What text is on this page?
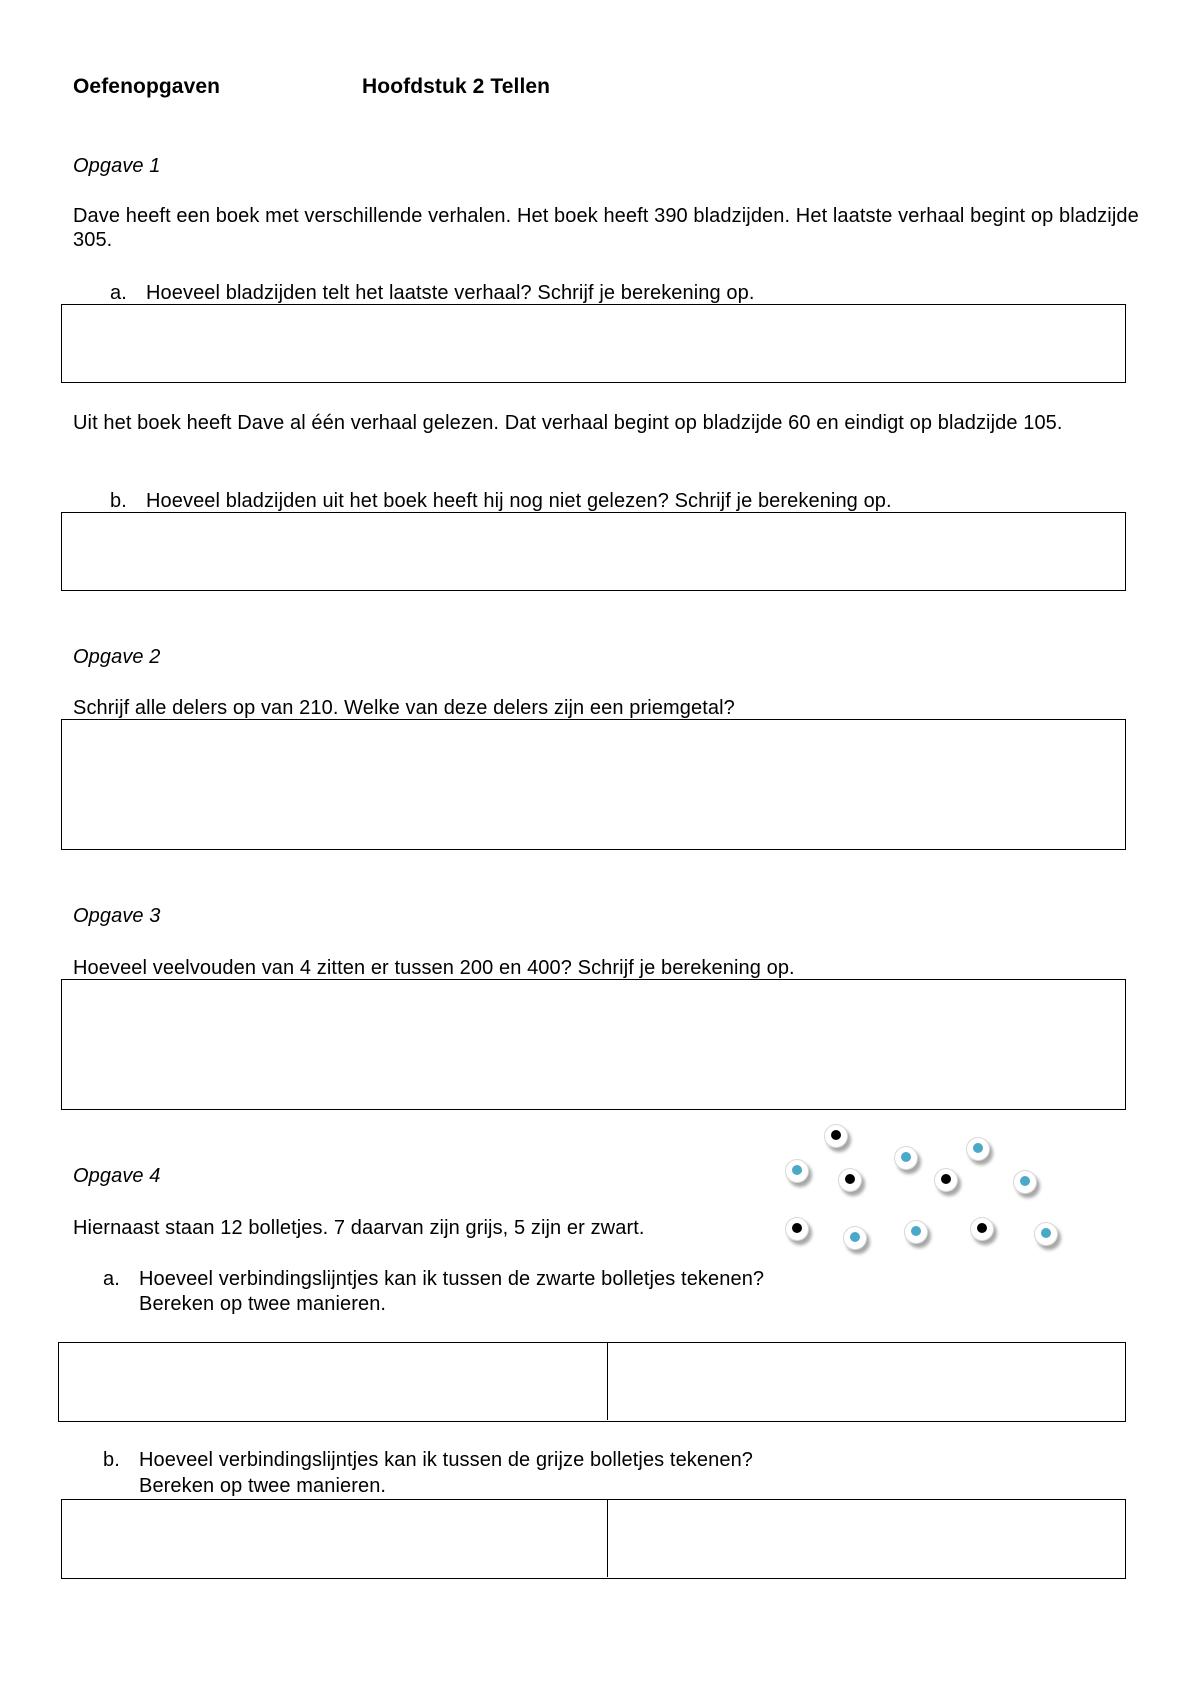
Oefenopgaven	Hoofdstuk 2 Tellen
Opgave 1
Dave heeft een boek met verschillende verhalen. Het boek heeft 390 bladzijden. Het laatste verhaal begint op bladzijde 305.
a. Hoeveel bladzijden telt het laatste verhaal? Schrijf je berekening op.
Uit het boek heeft Dave al één verhaal gelezen. Dat verhaal begint op bladzijde 60 en eindigt op bladzijde 105.
b. Hoeveel bladzijden uit het boek heeft hij nog niet gelezen? Schrijf je berekening op.
Opgave 2
Schrijf alle delers op van 210. Welke van deze delers zijn een priemgetal?
Opgave 3
Hoeveel veelvouden van 4 zitten er tussen 200 en 400? Schrijf je berekening op.
Opgave 4
Hiernaast staan 12 bolletjes. 7 daarvan zijn grijs, 5 zijn er zwart.
a. Hoeveel verbindingslijntjes kan ik tussen de zwarte bolletjes tekenen?
Bereken op twee manieren.
b. Hoeveel verbindingslijntjes kan ik tussen de grijze bolletjes tekenen?
Bereken op twee manieren.
